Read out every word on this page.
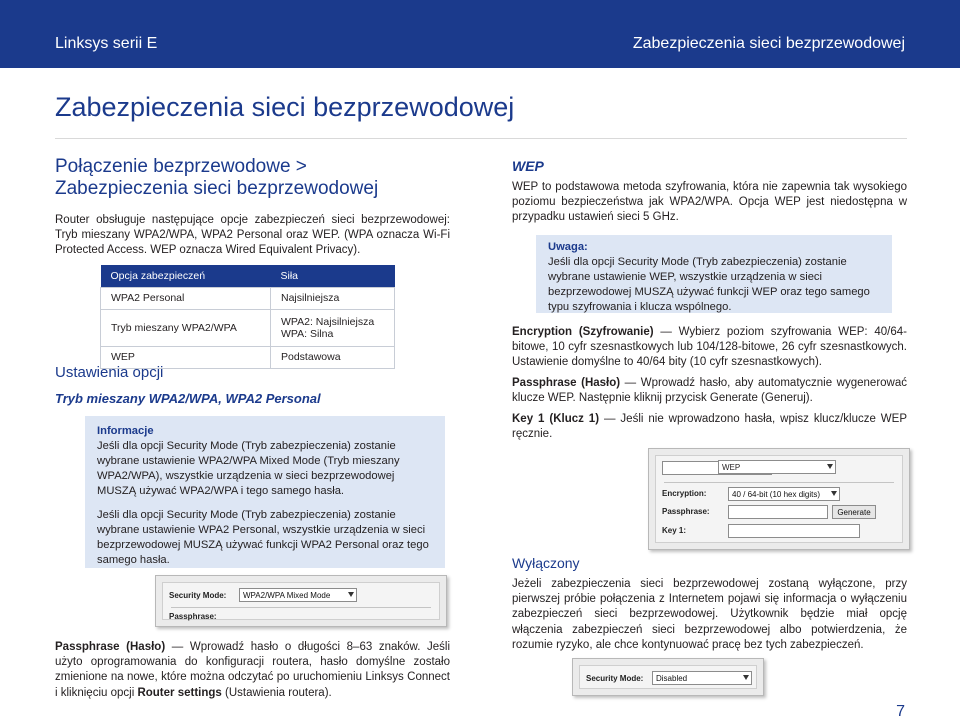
Linksys serii E	Zabezpieczenia sieci bezprzewodowej
Zabezpieczenia sieci bezprzewodowej
Połączenie bezprzewodowe >
Zabezpieczenia sieci bezprzewodowej

Router obsługuje następujące opcje zabezpieczeń sieci bezprzewodowej: Tryb mieszany WPA2/WPA, WPA2 Personal oraz WEP. (WPA oznacza Wi-Fi Protected Access. WEP oznacza Wired Equivalent Privacy).

Opcja zabezpieczeń	Siła
WPA2 Personal	Najsilniejsza
Tryb mieszany WPA2/WPA	WPA2: Najsilniejsza
WPA: Silna

WEP	Podstawowa
Ustawienia opcji
Tryb mieszany WPA2/WPA, WPA2 Personal
Informacje
Jeśli dla opcji Security Mode (Tryb zabezpieczenia) zostanie wybrane ustawienie WPA2/WPA Mixed Mode (Tryb mieszany WPA2/WPA), wszystkie urządzenia w sieci bezprzewodowej MUSZĄ używać WPA2/WPA i tego samego hasła.
Jeśli dla opcji Security Mode (Tryb zabezpieczenia) zostanie wybrane ustawienie WPA2 Personal, wszystkie urządzenia w sieci bezprzewodowej MUSZĄ używać funkcji WPA2 Personal oraz tego samego hasła.
Security Mode:	WPA2/WPA Mixed Mode
Passphrase:

Passphrase (Hasło) — Wprowadź hasło o długości 8–63 znaków. Jeśli użyto oprogramowania do konfiguracji routera, hasło domyślne zostało zmienione na nowe, które można odczytać po uruchomieniu Linksys Connect i kliknięciu opcji Router settings (Ustawienia routera).

WEP

WEP to podstawowa metoda szyfrowania, która nie zapewnia tak wysokiego poziomu bezpieczeństwa jak WPA2/WPA. Opcja WEP jest niedostępna w przypadku ustawień sieci 5 GHz.

Uwaga:
Jeśli dla opcji Security Mode (Tryb zabezpieczenia) zostanie wybrane ustawienie WEP, wszystkie urządzenia w sieci bezprzewodowej MUSZĄ używać funkcji WEP oraz tego samego typu szyfrowania i klucza wspólnego.

Encryption (Szyfrowanie) — Wybierz poziom szyfrowania WEP: 40/64-bitowe, 10 cyfr szesnastkowych lub 104/128-bitowe, 26 cyfr szesnastkowych. Ustawienie domyślne to 40/64 bity (10 cyfr szesnastkowych).

Passphrase (Hasło) — Wprowadź hasło, aby automatycznie wygenerować klucze WEP. Następnie kliknij przycisk Generate (Generuj).

Key 1 (Klucz 1) — Jeśli nie wprowadzono hasła, wpisz klucz/klucze WEP ręcznie.

Encryption:	40 / 64-bit (10 hex digits)
Passphrase:	Generate
Key 1:
Wyłączony

Jeżeli zabezpieczenia sieci bezprzewodowej zostaną wyłączone, przy pierwszej próbie połączenia z Internetem pojawi się informacja o wyłączeniu zabezpieczeń sieci bezprzewodowej. Użytkownik będzie miał opcję włączenia zabezpieczeń sieci bezprzewodowej albo potwierdzenia, że rozumie ryzyko, ale chce kontynuować pracę bez tych zabezpieczeń.

Security Mode:	Disabled
WEP
7
